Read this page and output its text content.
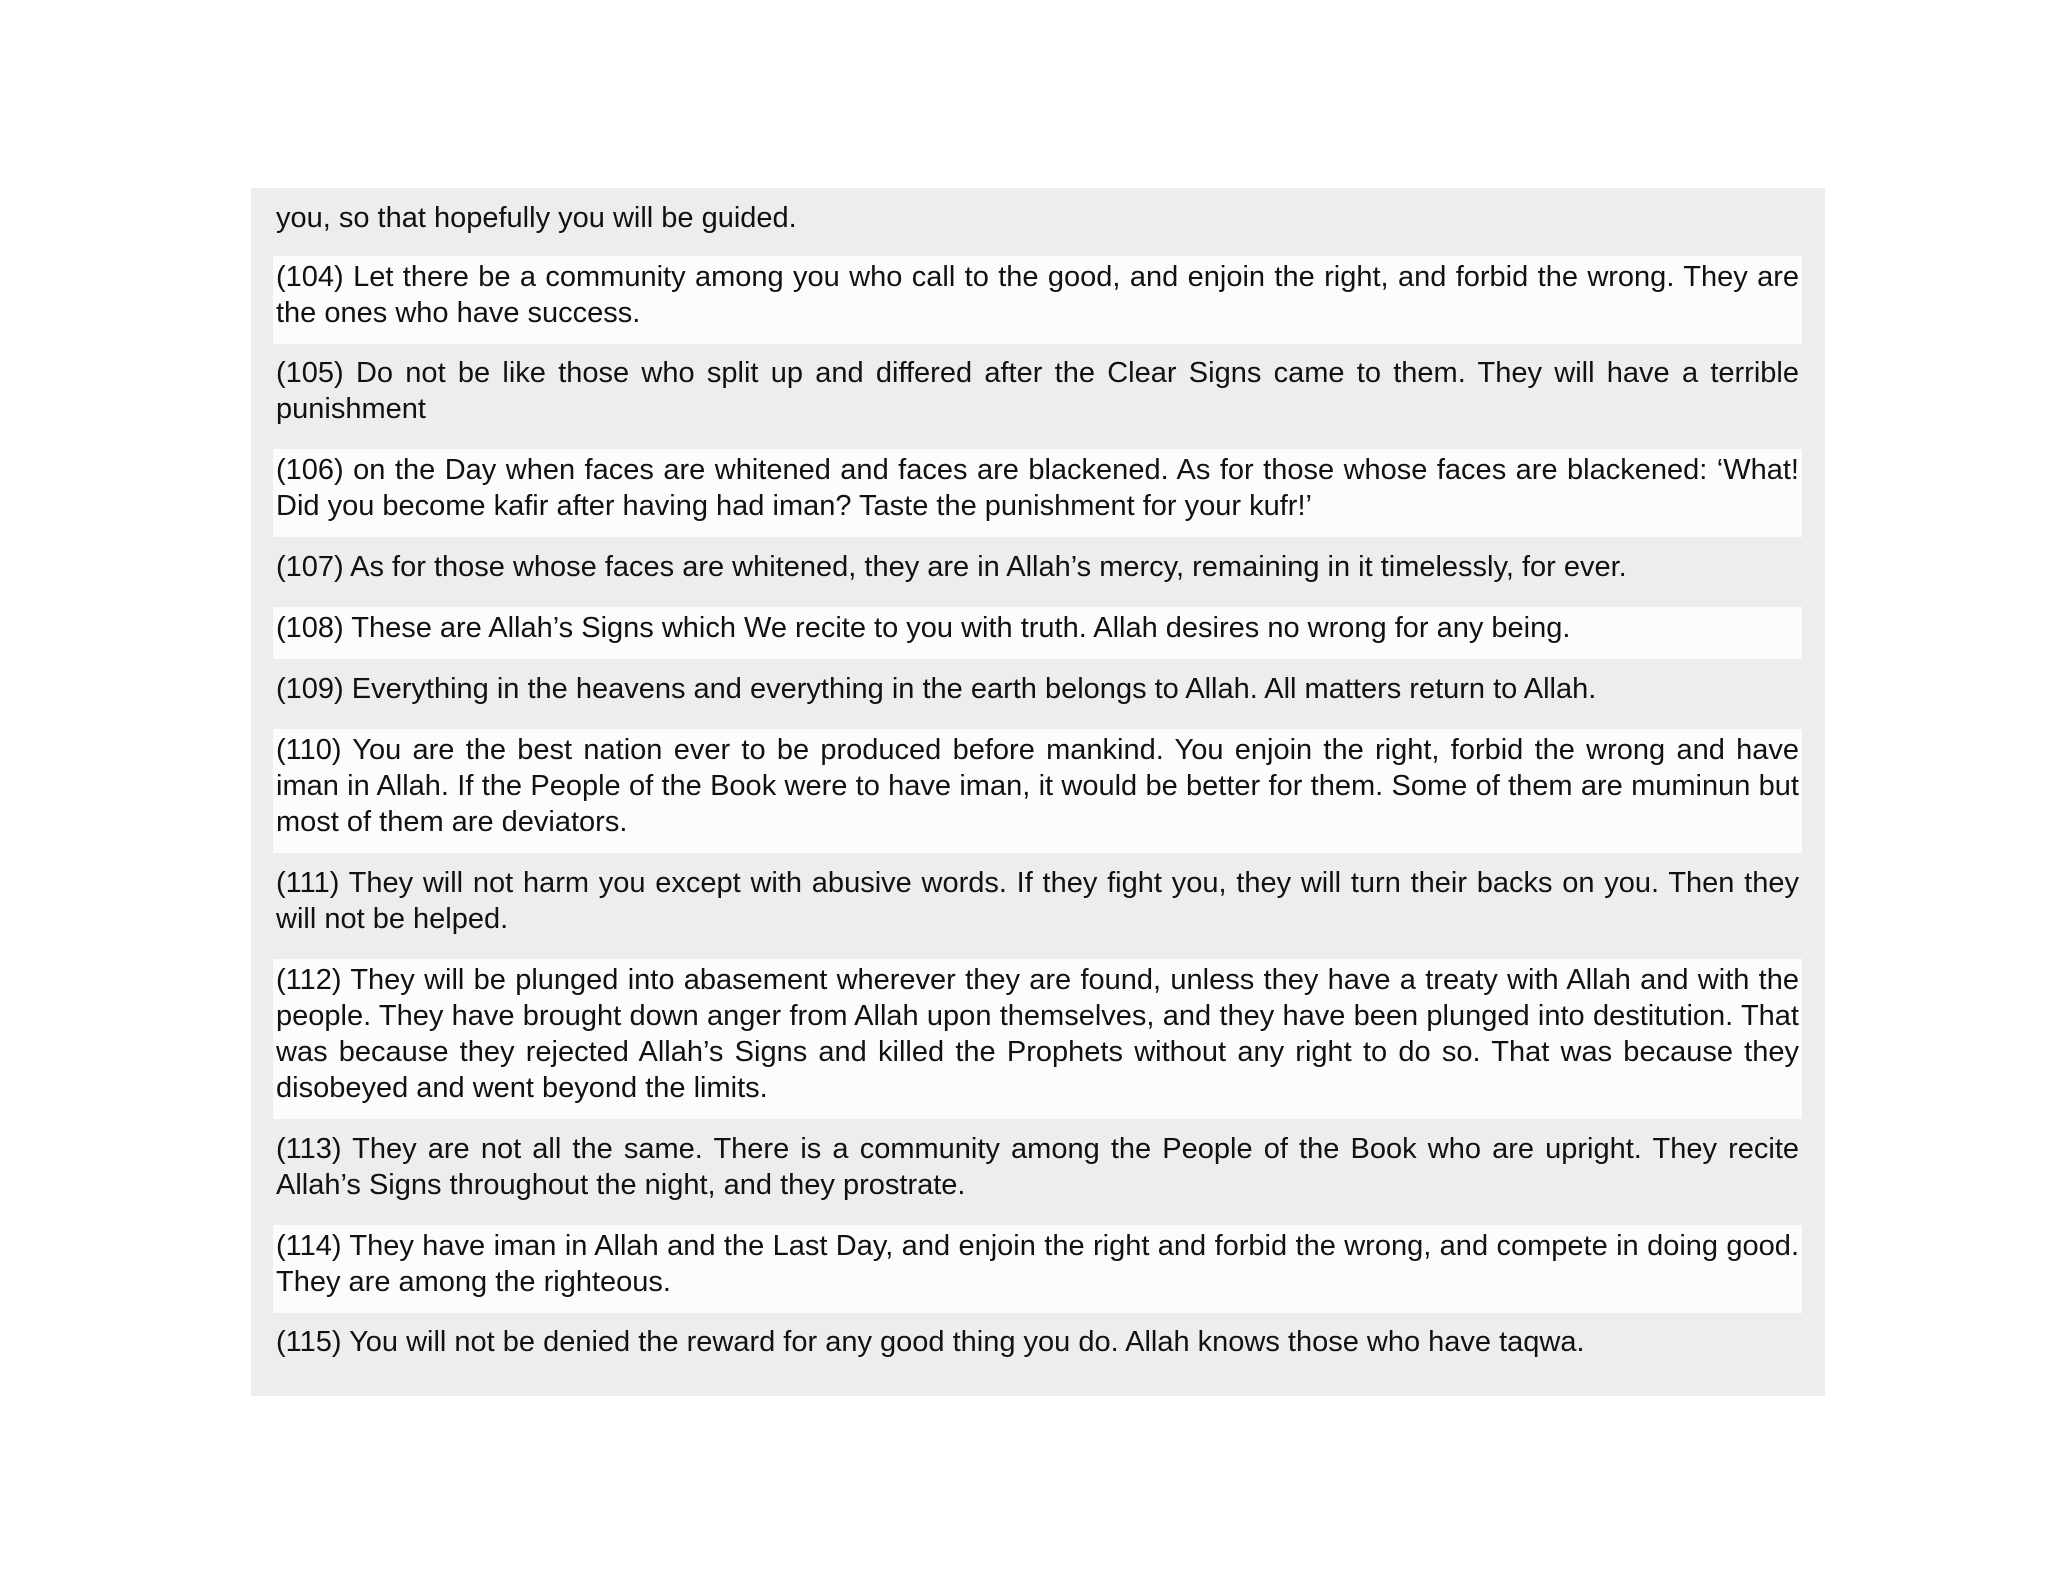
you, so that hopefully you will be guided.
(104) Let there be a community among you who call to the good, and enjoin the right, and forbid the wrong. They are the ones who have success.
(105) Do not be like those who split up and differed after the Clear Signs came to them. They will have a terrible punishment
(106) on the Day when faces are whitened and faces are blackened. As for those whose faces are blackened: ‘What! Did you become kafir after having had iman? Taste the punishment for your kufr!’
(107) As for those whose faces are whitened, they are in Allah’s mercy, remaining in it timelessly, for ever.
(108) These are Allah’s Signs which We recite to you with truth. Allah desires no wrong for any being.
(109) Everything in the heavens and everything in the earth belongs to Allah. All matters return to Allah.
(110) You are the best nation ever to be produced before mankind. You enjoin the right, forbid the wrong and have iman in Allah. If the People of the Book were to have iman, it would be better for them. Some of them are muminun but most of them are deviators.
(111) They will not harm you except with abusive words. If they fight you, they will turn their backs on you. Then they will not be helped.
(112) They will be plunged into abasement wherever they are found, unless they have a treaty with Allah and with the people. They have brought down anger from Allah upon themselves, and they have been plunged into destitution. That was because they rejected Allah’s Signs and killed the Prophets without any right to do so. That was because they disobeyed and went beyond the limits.
(113) They are not all the same. There is a community among the People of the Book who are upright. They recite Allah’s Signs throughout the night, and they prostrate.
(114) They have iman in Allah and the Last Day, and enjoin the right and forbid the wrong, and compete in doing good. They are among the righteous.
(115) You will not be denied the reward for any good thing you do. Allah knows those who have taqwa.
